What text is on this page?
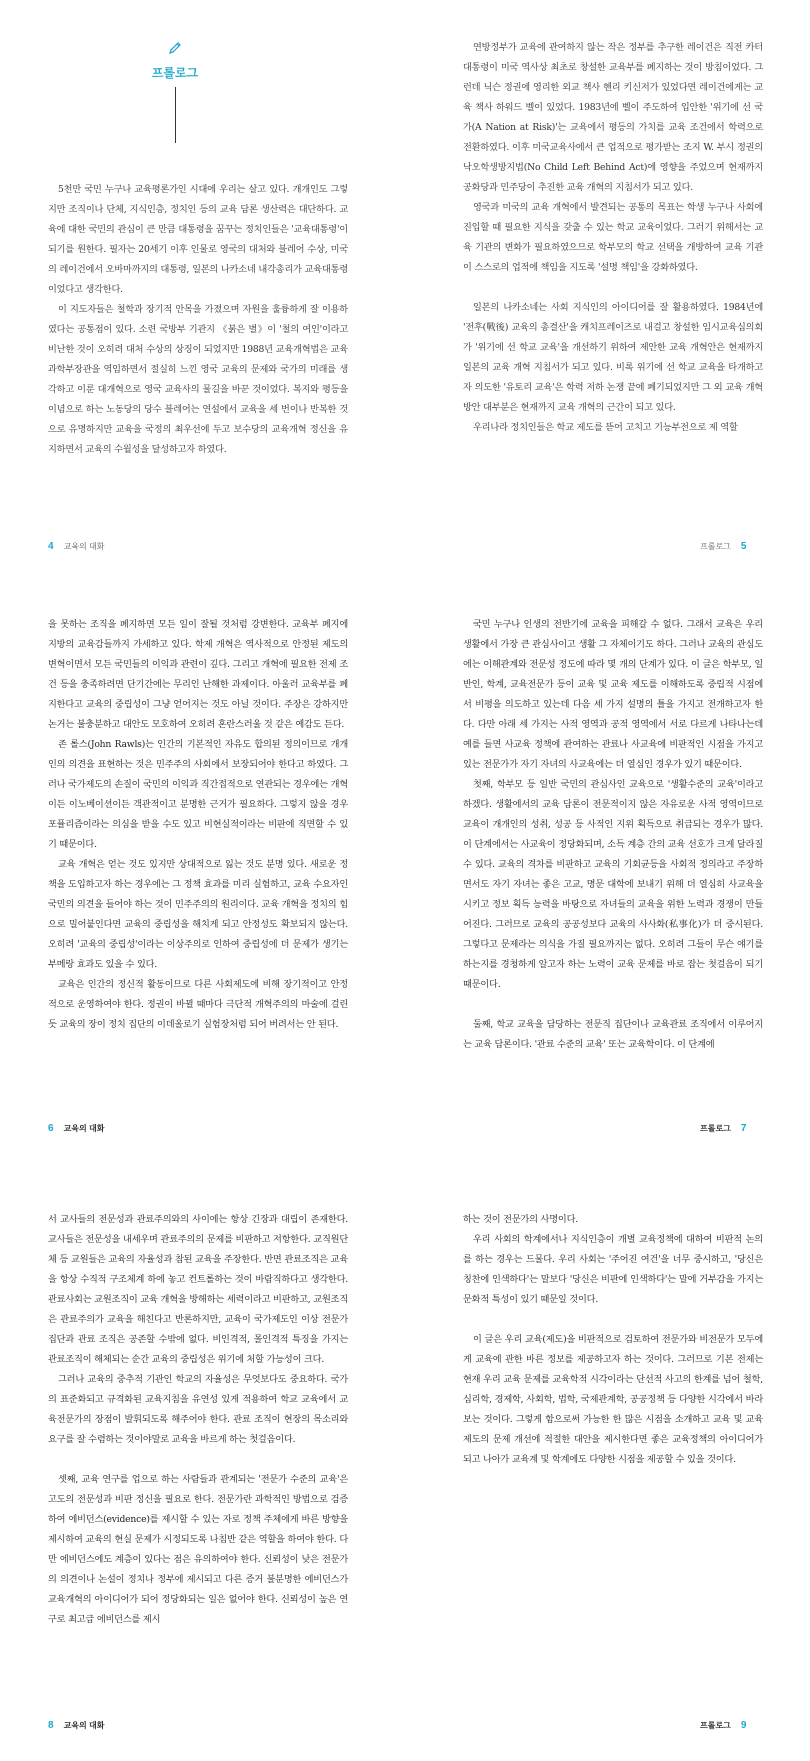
프롤로그

5천만 국민 누구나 교육평론가인 시대에 우리는 살고 있다. 개개인도 그렇지만 조직이나 단체, 지식인층, 정치인 등의 교육 담론 생산력은 대단하다. 교육에 대한 국민의 관심이 큰 만큼 대통령을 꿈꾸는 정치인들은 '교육대통령'이 되기를 원한다. 필자는 20세기 이후 인물로 영국의 대처와 블레어 수상, 미국의 레이건에서 오바마까지의 대통령, 일본의 나카소네 내각총리가 교육대통령이었다고 생각한다.

이 지도자들은 철학과 장기적 안목을 가졌으며 자원을 훌륭하게 잘 이용하였다는 공통점이 있다. 소련 국방부 기관지 《붉은 별》이 '철의 여인'이라고 비난한 것이 오히려 대처 수상의 상징이 되었지만 1988년 교육개혁법은 교육과학부장관을 역임하면서 절실히 느낀 영국 교육의 문제와 국가의 미래를 생각하고 이룬 대개혁으로 영국 교육사의 물길을 바꾼 것이었다. 복지와 평등을 이념으로 하는 노동당의 당수 블레어는 연설에서 교육을 세 번이나 반복한 것으로 유명하지만 교육을 국정의 최우선에 두고 보수당의 교육개혁 정신을 유지하면서 교육의 수월성을 달성하고자 하였다.

연방정부가 교육에 관여하지 않는 작은 정부를 추구한 레이건은 직전 카터 대통령이 미국 역사상 최초로 창설한 교육부를 폐지하는 것이 방침이었다. 그런데 닉슨 정권에 영리한 외교 책사 헨리 키신저가 있었다면 레이건에게는 교육 책사 하워드 벨이 있었다. 1983년에 벨이 주도하여 입안한 '위기에 선 국가(A Nation at Risk)'는 교육에서 평등의 가치를 교육 조건에서 학력으로 전환하였다. 이후 미국교육사에서 큰 업적으로 평가받는 조지 W. 부시 정권의 낙오학생방지법(No Child Left Behind Act)에 영향을 주었으며 현재까지 공화당과 민주당이 추진한 교육 개혁의 지침서가 되고 있다.

영국과 미국의 교육 개혁에서 발견되는 공통의 목표는 학생 누구나 사회에 진입할 때 필요한 지식을 갖출 수 있는 학교 교육이었다. 그러기 위해서는 교육 기관의 변화가 필요하였으므로 학부모의 학교 선택을 개방하여 교육 기관이 스스로의 업적에 책임을 지도록 '설명 책임'을 강화하였다.

일본의 나카소네는 사회 지식인의 아이디어를 잘 활용하였다. 1984년에 '전후(戰後) 교육의 총결산'을 캐치프레이즈로 내걸고 창설한 임시교육심의회가 '위기에 선 학교 교육'을 개선하기 위하여 제안한 교육 개혁안은 현재까지 일본의 교육 개혁 지침서가 되고 있다. 비록 위기에 선 학교 교육을 타개하고자 의도한 '유토리 교육'은 학력 저하 논쟁 끝에 폐기되었지만 그 외 교육 개혁 방안 대부분은 현재까지 교육 개혁의 근간이 되고 있다.

우리나라 정치인들은 학교 제도를 뜯어 고치고 기능부전으로 제 역할

4 교육의 대화	프롤로그 5

을 못하는 조직을 폐지하면 모든 일이 잘될 것처럼 강변한다. 교육부 폐지에 지방의 교육감들까지 가세하고 있다. 학제 개혁은 역사적으로 안정된 제도의 변혁이면서 모든 국민들의 이익과 관련이 깊다. 그리고 개혁에 필요한 전제 조건 등을 충족하려면 단기간에는 무리인 난해한 과제이다. 아울러 교육부를 폐지한다고 교육의 중립성이 그냥 얻어지는 것도 아닐 것이다. 주장은 강하지만 논거는 불충분하고 대안도 모호하여 오히려 혼란스러울 것 같은 예감도 든다.

존 롤스(John Rawls)는 인간의 기본적인 자유도 합의된 정의이므로 개개인의 의견을 표현하는 것은 민주주의 사회에서 보장되어야 한다고 하였다. 그러나 국가제도의 손질이 국민의 이익과 직간접적으로 연관되는 경우에는 개혁이든 이노베이션이든 객관적이고 분명한 근거가 필요하다. 그렇지 않을 경우 포퓰리즘이라는 의심을 받을 수도 있고 비현실적이라는 비판에 직면할 수 있기 때문이다.

교육 개혁은 얻는 것도 있지만 상대적으로 잃는 것도 분명 있다. 새로운 정책을 도입하고자 하는 경우에는 그 정책 효과를 미리 실험하고, 교육 수요자인 국민의 의견을 들어야 하는 것이 민주주의의 원리이다. 교육 개혁을 정치의 힘으로 밀어붙인다면 교육의 중립성을 해치게 되고 안정성도 확보되지 않는다. 오히려 '교육의 중립성'이라는 이상주의로 인하여 중립성에 더 문제가 생기는 부메랑 효과도 있을 수 있다.

교육은 인간의 정신적 활동이므로 다른 사회제도에 비해 장기적이고 안정적으로 운영하여야 한다. 정권이 바뀔 때마다 극단적 개혁주의의 마술에 걸린 듯 교육의 장이 정치 집단의 이데올로기 실험장처럼 되어 버려서는 안 된다.

국민 누구나 인생의 전반기에 교육을 피해갈 수 없다. 그래서 교육은 우리 생활에서 가장 큰 관심사이고 생활 그 자체이기도 하다. 그러나 교육의 관심도에는 이해관계와 전문성 정도에 따라 몇 개의 단계가 있다. 이 글은 학부모, 일반인, 학계, 교육전문가 등이 교육 및 교육 제도를 이해하도록 중립적 시점에서 비평을 의도하고 있는데 다음 세 가지 설명의 틀을 가지고 전개하고자 한다. 다만 아래 세 가지는 사적 영역과 공적 영역에서 서로 다르게 나타나는데 예를 들면 사교육 정책에 관여하는 관료나 사교육에 비판적인 시점을 가지고 있는 전문가가 자기 자녀의 사교육에는 더 열심인 경우가 있기 때문이다.

첫째, 학부모 등 일반 국민의 관심사인 교육으로 '생활수준의 교육'이라고 하겠다. 생활에서의 교육 담론이 전문적이지 않은 자유로운 사적 영역이므로 교육이 개개인의 성취, 성공 등 사적인 지위 획득으로 취급되는 경우가 많다. 이 단계에서는 사교육이 정당화되며, 소득 계층 간의 교육 선호가 크게 달라질 수 있다. 교육의 격차를 비판하고 교육의 기회균등을 사회적 정의라고 주장하면서도 자기 자녀는 좋은 고교, 명문 대학에 보내기 위해 더 열심히 사교육을 시키고 정보 획득 능력을 바탕으로 자녀들의 교육을 위한 노력과 경쟁이 만들어진다. 그러므로 교육의 공공성보다 교육의 사사화(私事化)가 더 중시된다. 그렇다고 문제라는 의식을 가질 필요까지는 없다. 오히려 그들이 무슨 얘기를 하는지를 경청하게 알고자 하는 노력이 교육 문제를 바로 잡는 첫걸음이 되기 때문이다.

둘째, 학교 교육을 담당하는 전문직 집단이나 교육관료 조직에서 이루어지는 교육 담론이다. '관료 수준의 교육' 또는 교육학이다. 이 단계에

6 교육의 대화	프롤로그 7

서 교사들의 전문성과 관료주의와의 사이에는 항상 긴장과 대립이 존재한다. 교사들은 전문성을 내세우며 관료주의의 문제를 비판하고 저항한다. 교직원단체 등 교원들은 교육의 자율성과 참된 교육을 주장한다. 반면 관료조직은 교육을 항상 수직적 구조체계 하에 놓고 컨트롤하는 것이 바람직하다고 생각한다. 관료사회는 교원조직이 교육 개혁을 방해하는 세력이라고 비판하고, 교원조직은 관료주의가 교육을 해친다고 반론하지만, 교육이 국가제도인 이상 전문가 집단과 관료 조직은 공존할 수밖에 없다. 비인격적, 몰인격적 특징을 가지는 관료조직이 해체되는 순간 교육의 중립성은 위기에 처할 가능성이 크다.

그러나 교육의 중추적 기관인 학교의 자율성은 무엇보다도 중요하다. 국가의 표준화되고 규격화된 교육지침을 유연성 있게 적용하여 학교 교육에서 교육전문가의 장점이 발휘되도록 해주어야 한다. 관료 조직이 현장의 목소리와 요구를 잘 수렴하는 것이야말로 교육을 바르게 하는 첫걸음이다.

셋째, 교육 연구를 업으로 하는 사람들과 관계되는 '전문가 수준의 교육'은 고도의 전문성과 비판 정신을 필요로 한다. 전문가란 과학적인 방법으로 검증하여 에비던스(evidence)를 제시할 수 있는 자로 정책 주체에게 바른 방향을 제시하여 교육의 현실 문제가 시정되도록 나침반 같은 역할을 하여야 한다. 다만 에비던스에도 계층이 있다는 점은 유의하여야 한다. 신뢰성이 낮은 전문가의 의견이나 논설이 정치나 정부에 제시되고 다른 증거 불분명한 에비던스가 교육개혁의 아이디어가 되어 정당화되는 일은 없어야 한다. 신뢰성이 높은 연구로 최고급 에비던스를 제시

하는 것이 전문가의 사명이다.

우리 사회의 학계에서나 지식인층이 개별 교육정책에 대하여 비판적 논의를 하는 경우는 드물다. 우리 사회는 '주어진 여건'을 너무 중시하고, '당신은 칭찬에 인색하다'는 말보다 '당신은 비판에 인색하다'는 말에 거부감을 가지는 문화적 특성이 있기 때문일 것이다.

이 글은 우리 교육(제도)을 비판적으로 검토하여 전문가와 비전문가 모두에게 교육에 관한 바른 정보를 제공하고자 하는 것이다. 그러므로 기본 전제는 현재 우리 교육 문제를 교육학적 시각이라는 단선적 사고의 한계를 넘어 철학, 심리학, 경제학, 사회학, 법학, 국제관계학, 공공정책 등 다양한 시각에서 바라보는 것이다. 그렇게 함으로써 가능한 한 많은 시점을 소개하고 교육 및 교육 제도의 문제 개선에 적절한 대안을 제시한다면 좋은 교육정책의 아이디어가 되고 나아가 교육계 및 학계에도 다양한 시점을 제공할 수 있을 것이다.

8 교육의 대화	프롤로그 9
